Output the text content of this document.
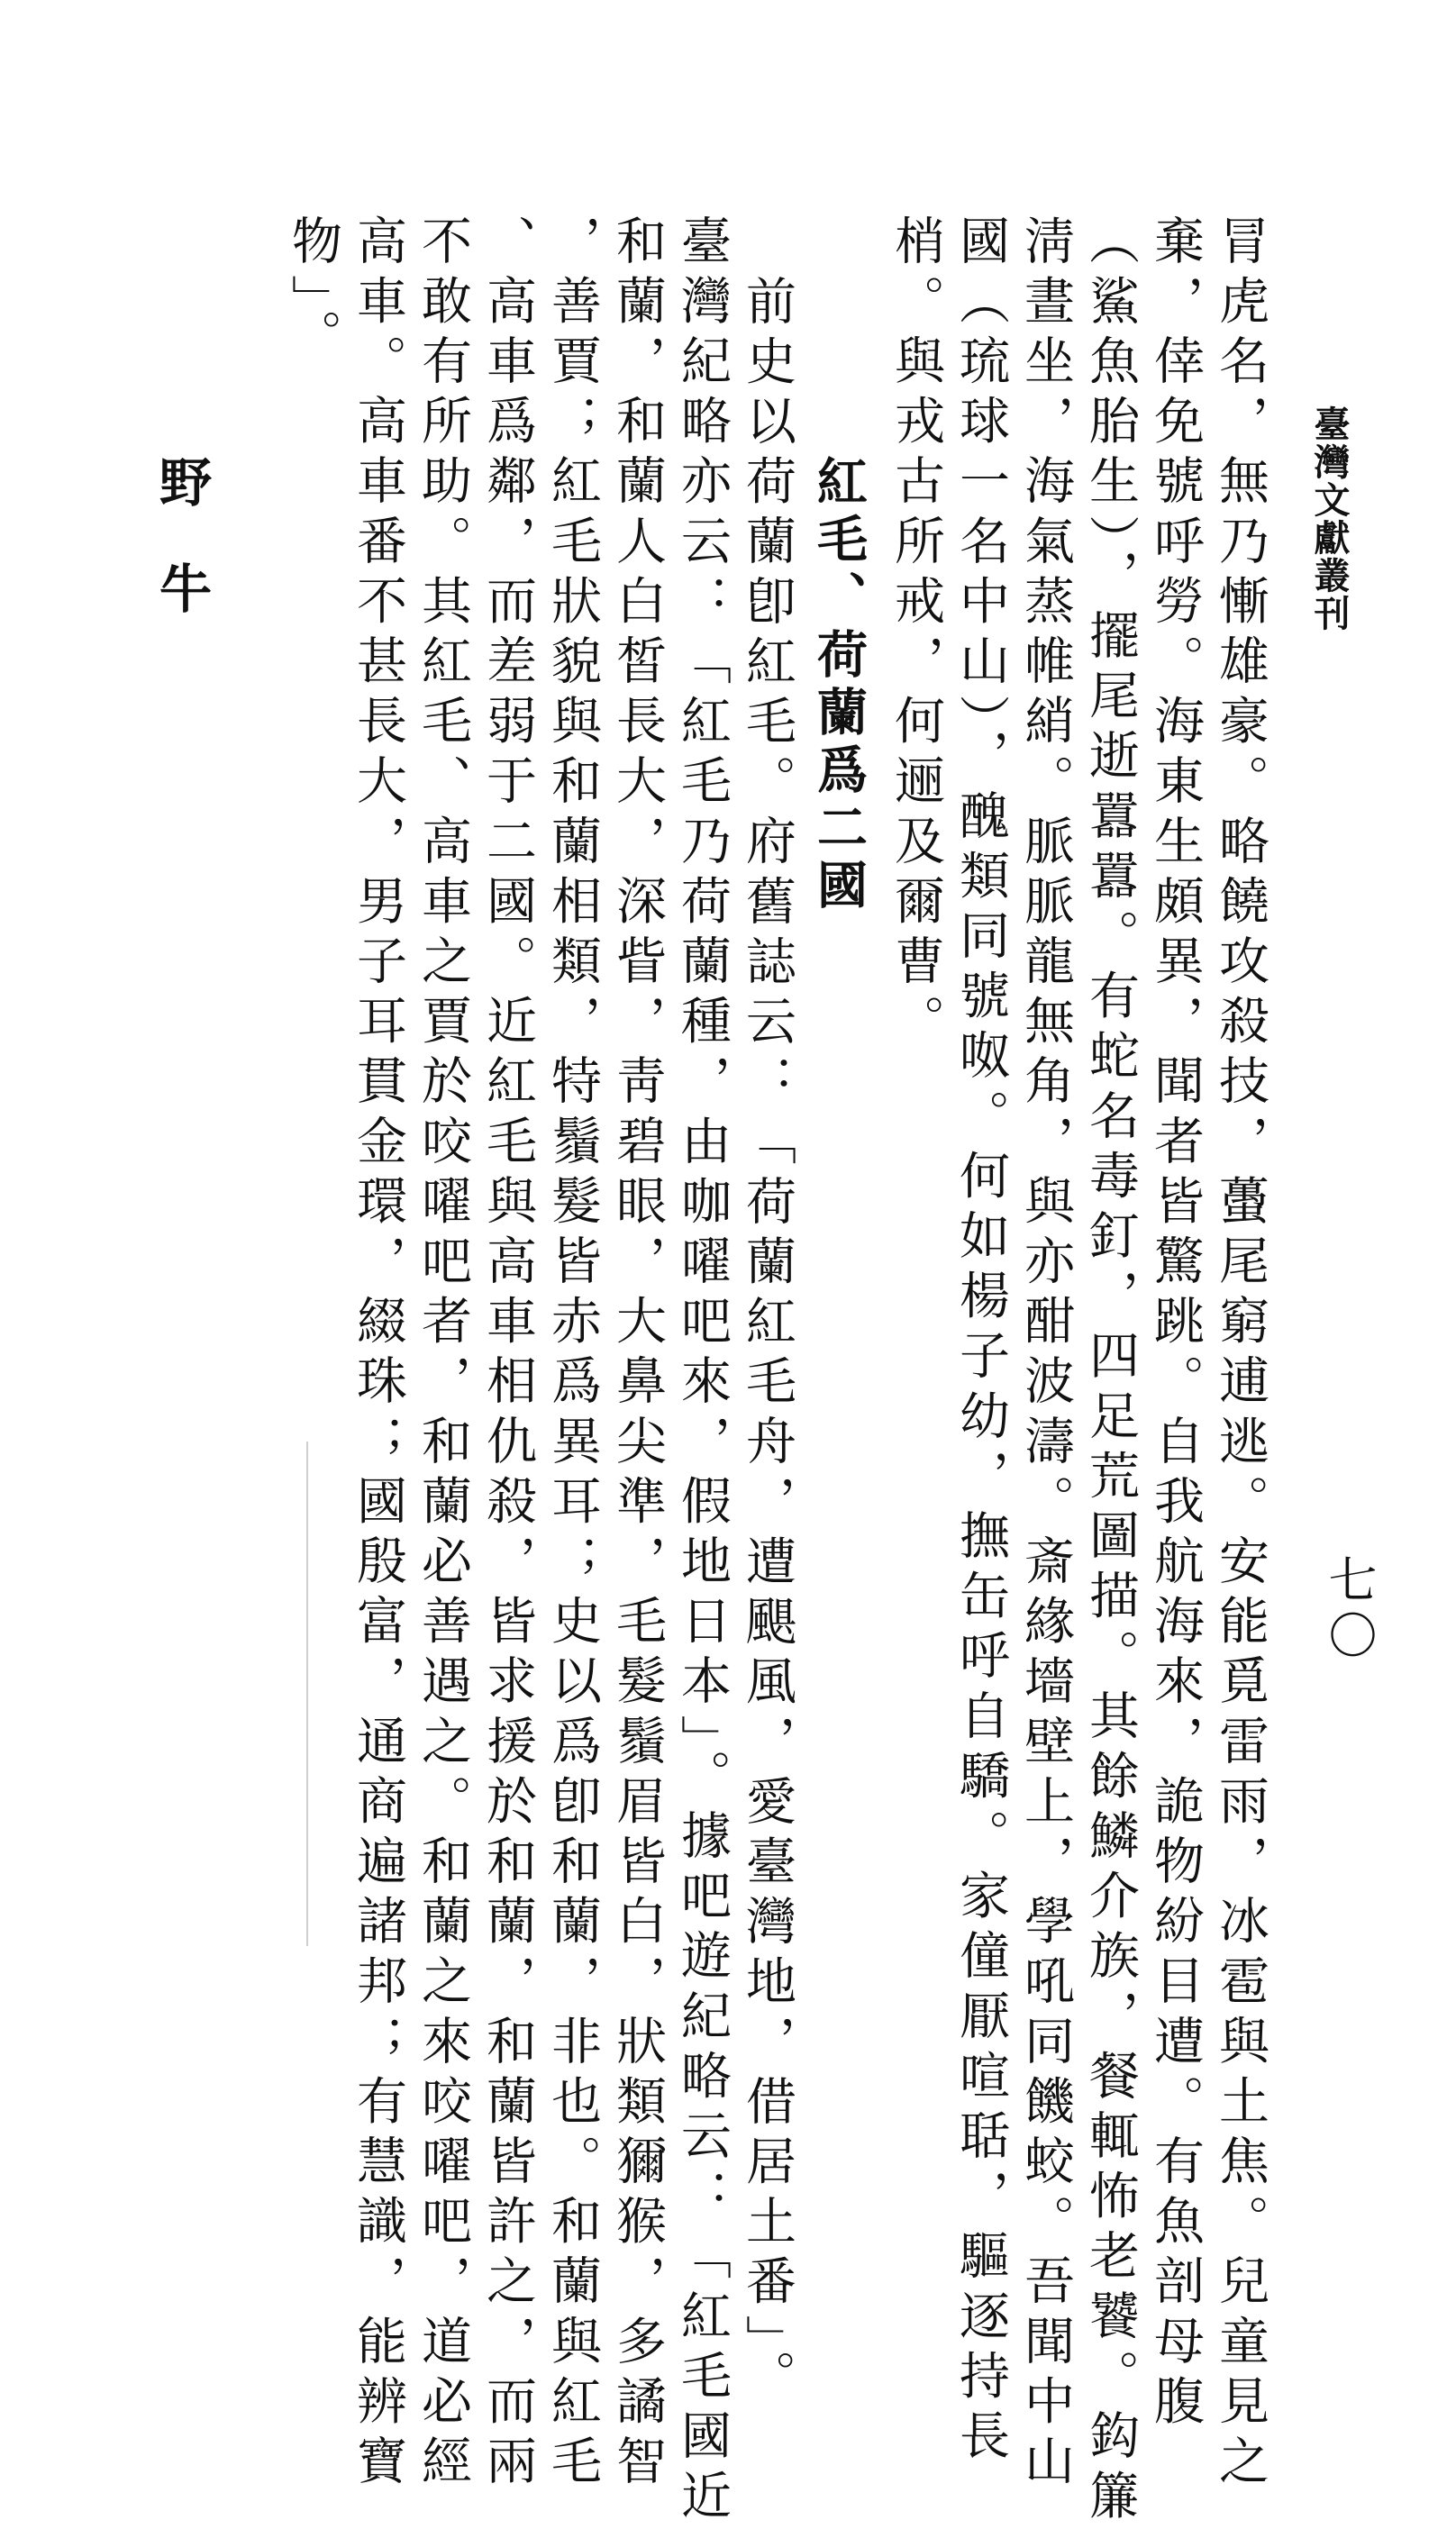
臺灣文獻叢刊
七〇
冐虎名，無乃慚雄豪。略饒攻殺技，蠆尾窮逋逃。安能覓雷雨，冰雹與土焦。兒童見之
棄，倖免號呼勞。海東生頗異，聞者皆驚跳。自我航海來，詭物紛目遭。有魚剖母腹
（鯊魚胎生），擺尾逝囂囂。有蛇名毒釘，四足荒圖描。其餘鱗介族，餐輒怖老饕。鈎簾
淸晝坐，海氣蒸帷綃。脈脈龍無角，與亦酣波濤。斎緣墻壁上，學吼同饑蛟。吾聞中山
國（琉球一名中山），醜類同號呶。何如楊子幼，撫缶呼自驕。家僮厭喧聒，驅逐持長
梢。與戎古所戒，何逦及爾曹。
紅毛、荷蘭爲二國
前史以荷蘭卽紅毛。府舊誌云：「荷蘭紅毛舟，遭颶風，愛臺灣地，借居土番」。
臺灣紀略亦云：「紅毛乃荷蘭種，由咖嚁吧來，假地日本」。據吧遊紀略云：「紅毛國近
和蘭，和蘭人白皙長大，深眥，靑碧眼，大鼻尖準，毛髮鬚眉皆白，狀類獮猴，多譎智
，善賈；紅毛狀貌與和蘭相類，特鬚髮皆赤爲異耳；史以爲卽和蘭，非也。和蘭與紅毛
、高車爲鄰，而差弱于二國。近紅毛與高車相仇殺，皆求援於和蘭，和蘭皆許之，而兩
不敢有所助。其紅毛、高車之賈於咬嚁吧者，和蘭必善遇之。和蘭之來咬嚁吧，道必經
高車。高車番不甚長大，男子耳貫金環，綴珠；國殷富，通商遍諸邦；有慧識，能辨寶
物」。
野牛
